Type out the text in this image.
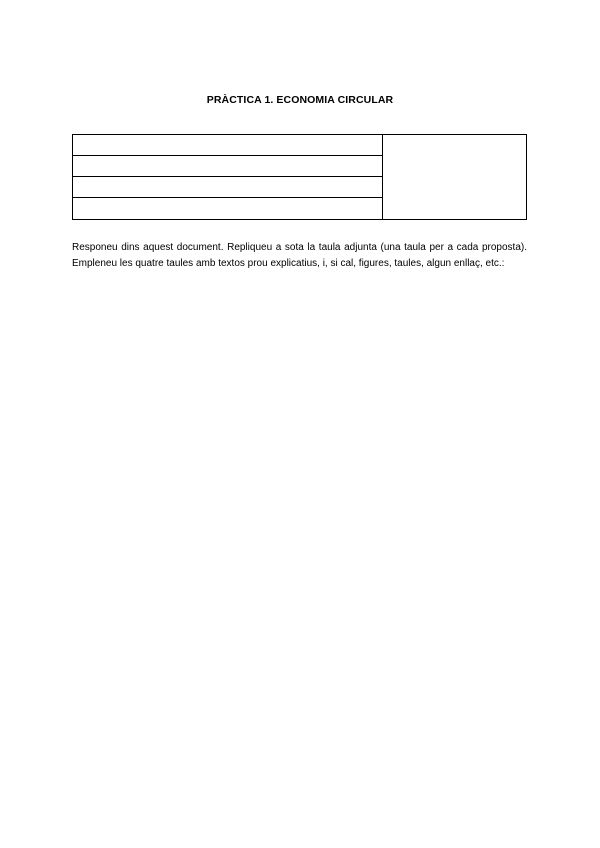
PRÀCTICA 1. ECONOMIA CIRCULAR

Responeu dins aquest document. Repliqueu a sota la taula adjunta (una taula per a cada proposta). Empleneu les quatre taules amb textos prou explicatius, i, si cal, figures, taules, algun enllaç, etc.:
